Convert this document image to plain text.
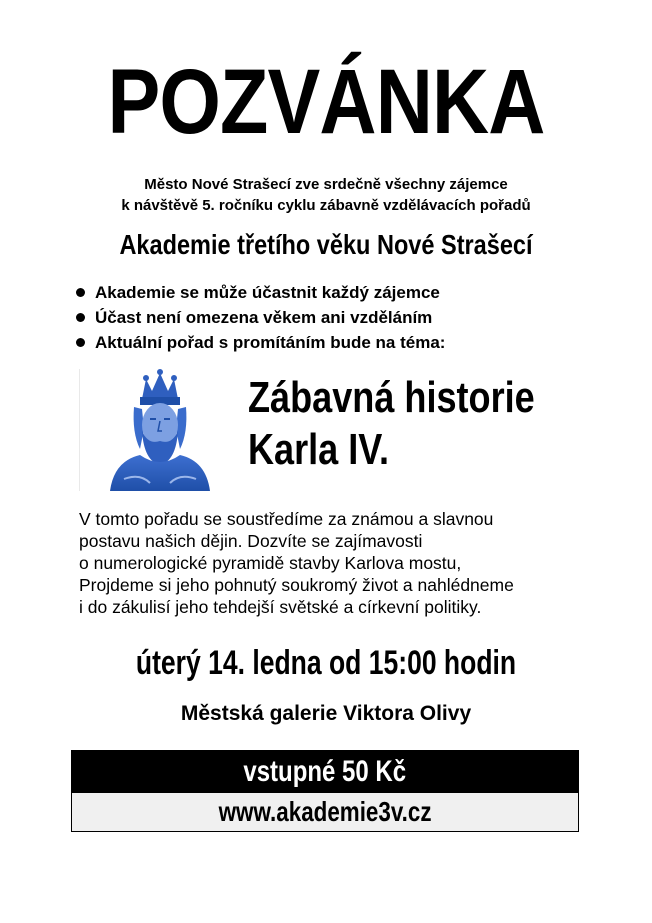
POZVÁNKA
Město Nové Strašecí zve srdečně všechny zájemce
k návštěvě 5. ročníku cyklu zábavně vzdělávacích pořadů
Akademie třetího věku Nové Strašecí
Akademie se může účastnit každý zájemce
Účast není omezena věkem ani vzděláním
Aktuální pořad s promítáním bude na téma:
Zábavná historie
Karla IV.
V tomto pořadu se soustředíme za známou a slavnou
postavu našich dějin. Dozvíte se zajímavosti
o numerologické pyramidě stavby Karlova mostu,
Projdeme si jeho pohnutý soukromý život a nahlédneme
i do zákulisí jeho tehdejší světské a církevní politiky.
úterý 14. ledna od 15:00 hodin
Městská galerie Viktora Olivy
vstupné 50 Kč
www.akademie3v.cz
